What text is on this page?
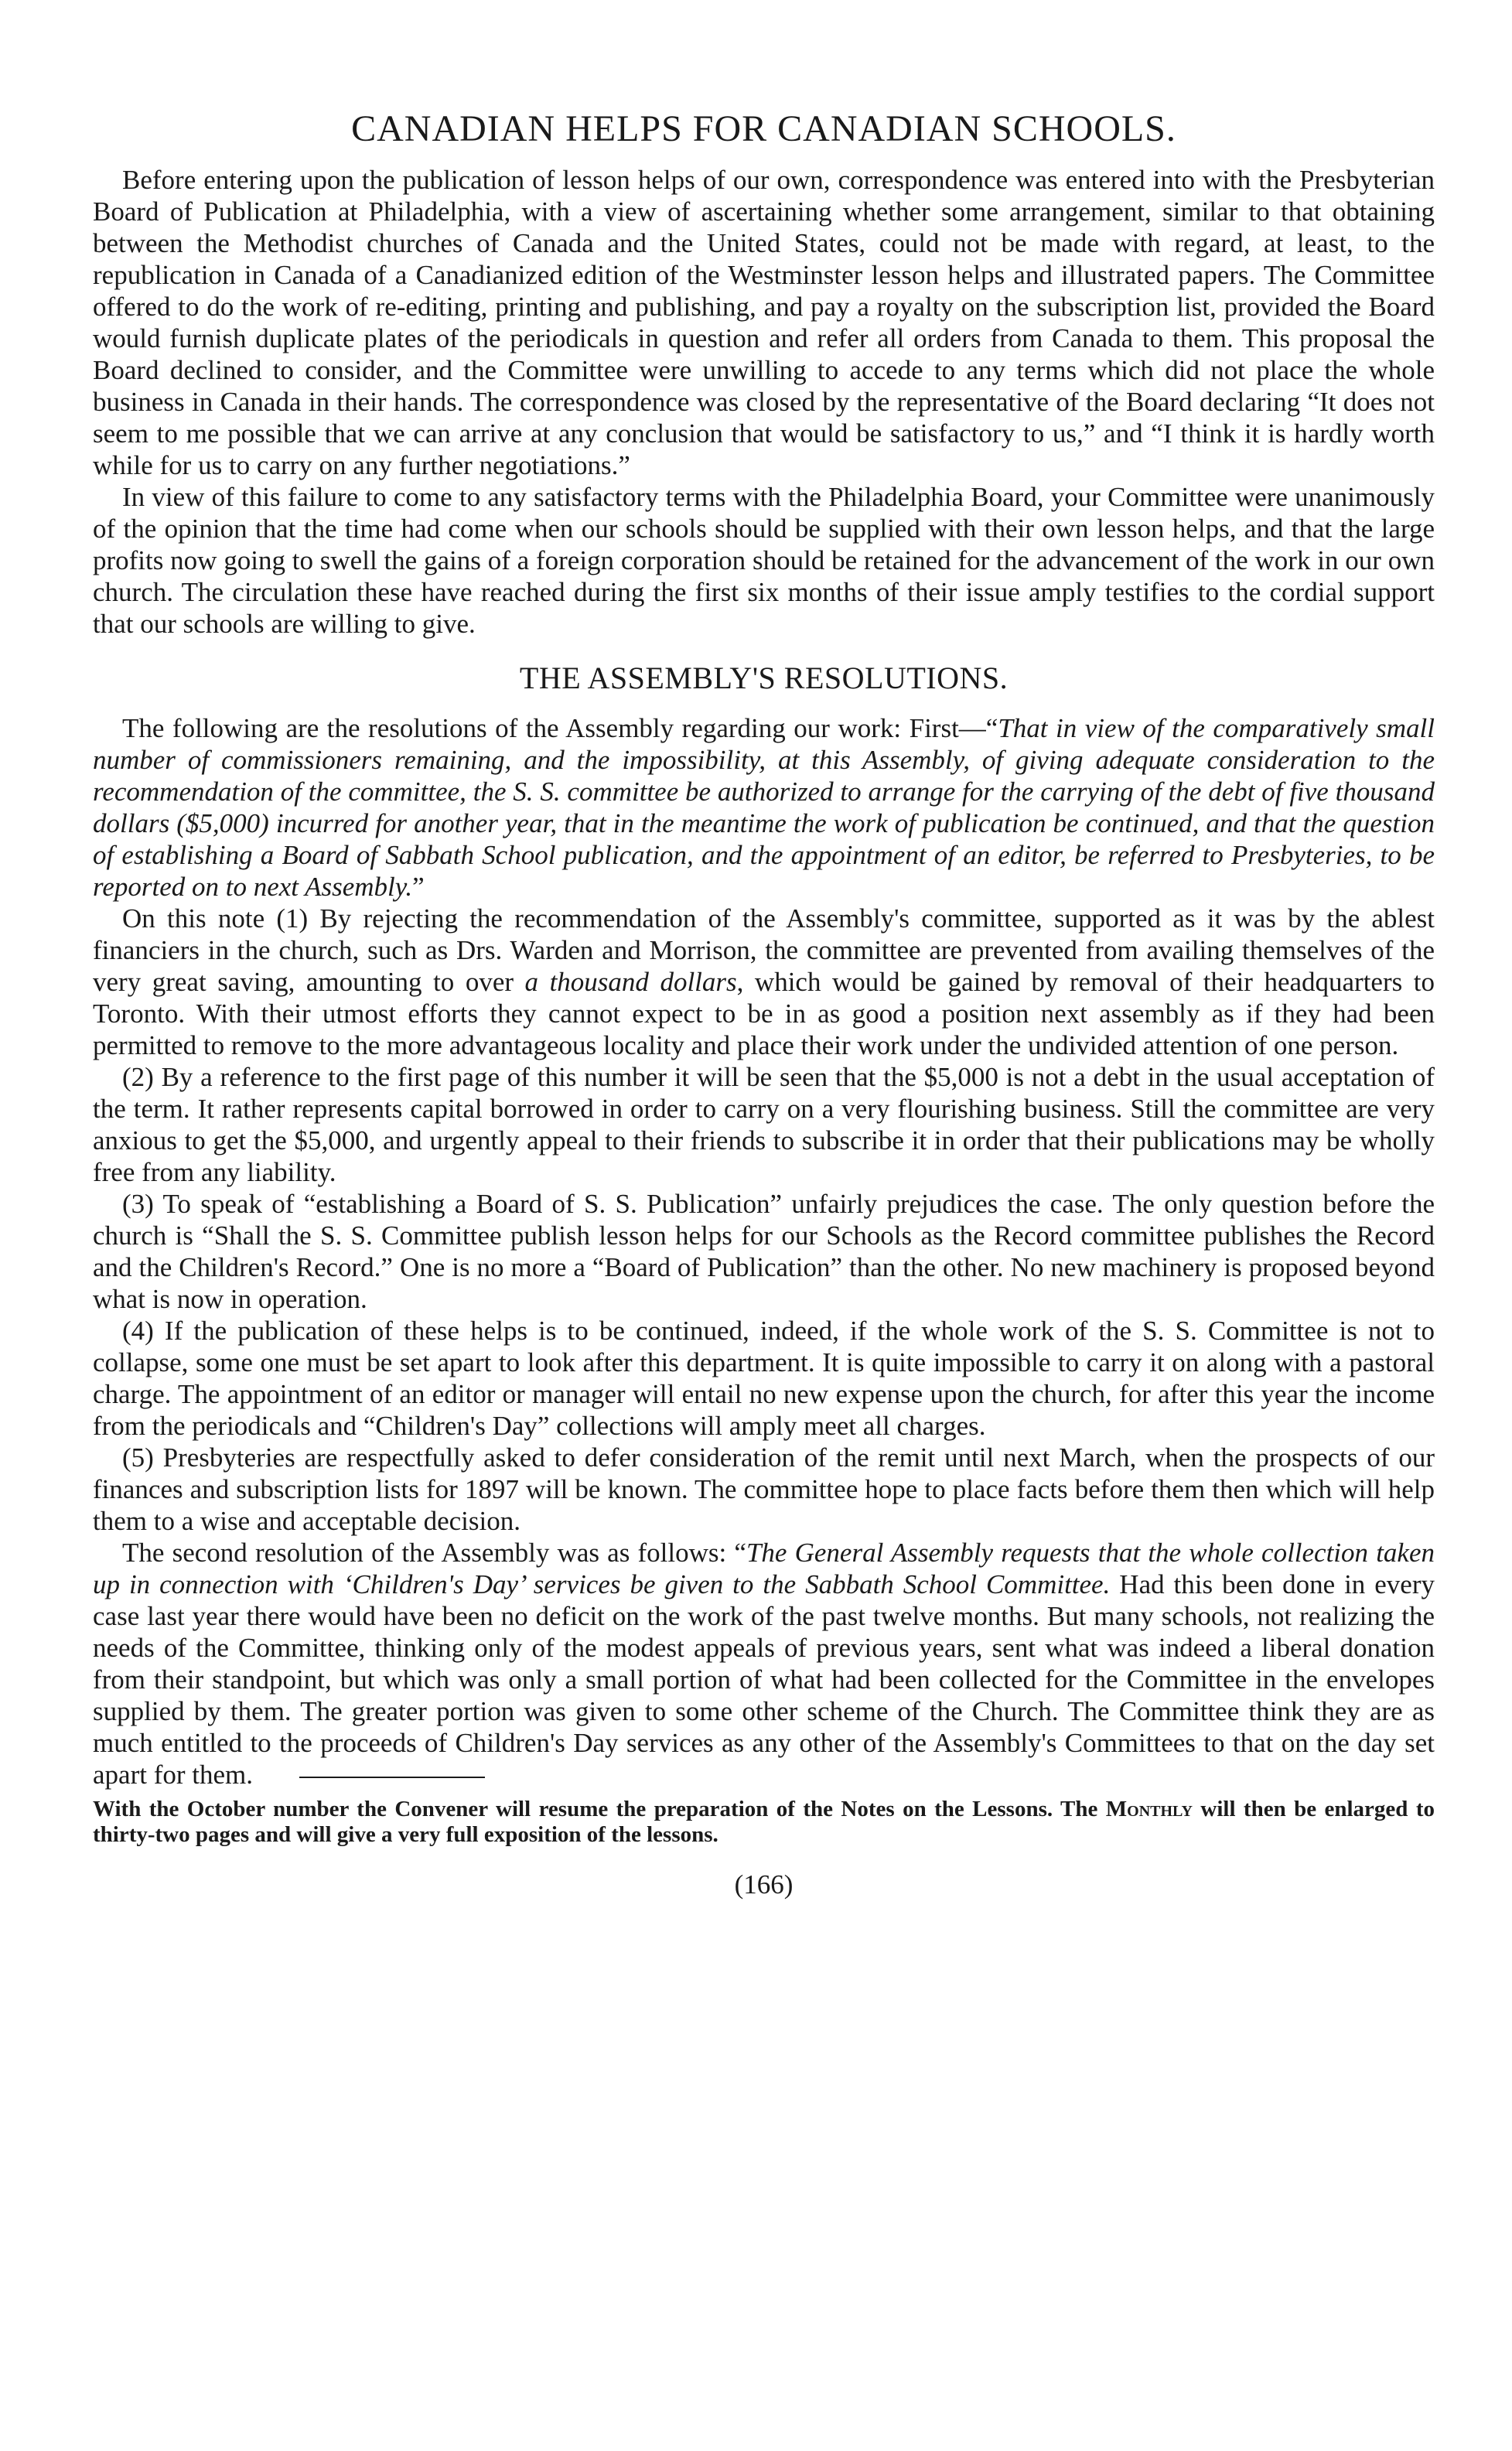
CANADIAN HELPS FOR CANADIAN SCHOOLS.

Before entering upon the publication of lesson helps of our own, correspondence was entered into with the Presbyterian Board of Publication at Philadelphia, with a view of ascertaining whether some arrangement, similar to that obtaining between the Methodist churches of Canada and the United States, could not be made with regard, at least, to the republication in Canada of a Canadianized edition of the Westminster lesson helps and illustrated papers. The Committee offered to do the work of re-editing, printing and publishing, and pay a royalty on the subscription list, provided the Board would furnish duplicate plates of the periodicals in question and refer all orders from Canada to them. This proposal the Board declined to consider, and the Committee were unwilling to accede to any terms which did not place the whole business in Canada in their hands. The correspondence was closed by the representative of the Board declaring “It does not seem to me possible that we can arrive at any conclusion that would be satisfactory to us,” and “I think it is hardly worth while for us to carry on any further negotiations.”

In view of this failure to come to any satisfactory terms with the Philadelphia Board, your Committee were unanimously of the opinion that the time had come when our schools should be supplied with their own lesson helps, and that the large profits now going to swell the gains of a foreign corporation should be retained for the advancement of the work in our own church. The circulation these have reached during the first six months of their issue amply testifies to the cordial support that our schools are willing to give.

THE ASSEMBLY'S RESOLUTIONS.

The following are the resolutions of the Assembly regarding our work: First—“That in view of the comparatively small number of commissioners remaining, and the impossibility, at this Assembly, of giving adequate consideration to the recommendation of the committee, the S. S. committee be authorized to arrange for the carrying of the debt of five thousand dollars ($5,000) incurred for another year, that in the meantime the work of publication be continued, and that the question of establishing a Board of Sabbath School publication, and the appointment of an editor, be referred to Presbyteries, to be reported on to next Assembly.”

On this note (1) By rejecting the recommendation of the Assembly's committee, supported as it was by the ablest financiers in the church, such as Drs. Warden and Morrison, the committee are prevented from availing themselves of the very great saving, amounting to over a thousand dollars, which would be gained by removal of their headquarters to Toronto. With their utmost efforts they cannot expect to be in as good a position next assembly as if they had been permitted to remove to the more advantageous locality and place their work under the undivided attention of one person.

(2) By a reference to the first page of this number it will be seen that the $5,000 is not a debt in the usual acceptation of the term. It rather represents capital borrowed in order to carry on a very flourishing business. Still the committee are very anxious to get the $5,000, and urgently appeal to their friends to subscribe it in order that their publications may be wholly free from any liability.

(3) To speak of “establishing a Board of S. S. Publication” unfairly prejudices the case. The only question before the church is “Shall the S. S. Committee publish lesson helps for our Schools as the Record committee publishes the Record and the Children's Record.” One is no more a “Board of Publication” than the other. No new machinery is proposed beyond what is now in operation.

(4) If the publication of these helps is to be continued, indeed, if the whole work of the S. S. Committee is not to collapse, some one must be set apart to look after this department. It is quite impossible to carry it on along with a pastoral charge. The appointment of an editor or manager will entail no new expense upon the church, for after this year the income from the periodicals and “Children's Day” collections will amply meet all charges.

(5) Presbyteries are respectfully asked to defer consideration of the remit until next March, when the prospects of our finances and subscription lists for 1897 will be known. The committee hope to place facts before them then which will help them to a wise and acceptable decision.

The second resolution of the Assembly was as follows: “The General Assembly requests that the whole collection taken up in connection with ‘Children's Day’ services be given to the Sabbath School Committee. Had this been done in every case last year there would have been no deficit on the work of the past twelve months. But many schools, not realizing the needs of the Committee, thinking only of the modest appeals of previous years, sent what was indeed a liberal donation from their standpoint, but which was only a small portion of what had been collected for the Committee in the envelopes supplied by them. The greater portion was given to some other scheme of the Church. The Committee think they are as much entitled to the proceeds of Children's Day services as any other of the Assembly's Committees to that on the day set apart for them.

With the October number the Convener will resume the preparation of the Notes on the Lessons. The Monthly will then be enlarged to thirty-two pages and will give a very full exposition of the lessons.
(166)
